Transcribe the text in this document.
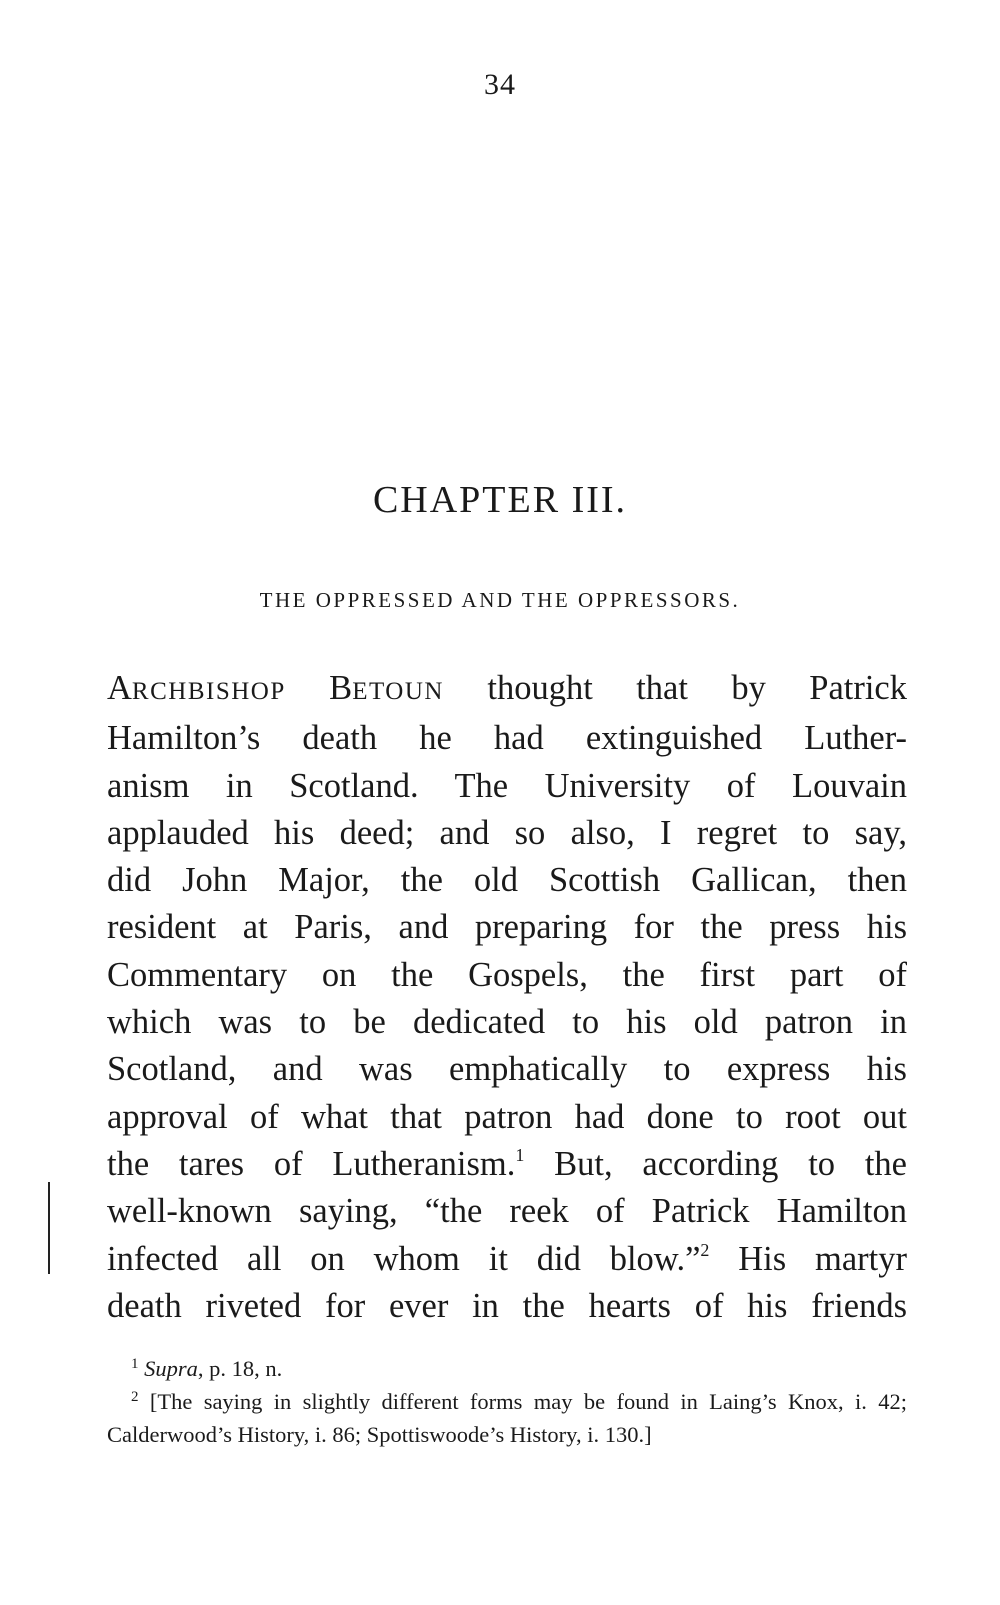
34
CHAPTER III.
THE OPPRESSED AND THE OPPRESSORS.
ARCHBISHOP BETOUN thought that by Patrick
Hamilton’s death he had extinguished Luther-
anism in Scotland. The University of Louvain
applauded his deed; and so also, I regret to say,
did John Major, the old Scottish Gallican, then
resident at Paris, and preparing for the press his
Commentary on the Gospels, the first part of
which was to be dedicated to his old patron in
Scotland, and was emphatically to express his
approval of what that patron had done to root out
the tares of Lutheranism.$^1$ But, according to the
well-known saying, “the reek of Patrick Hamilton
infected all on whom it did blow.”$^2$ His martyr
death riveted for ever in the hearts of his friends
$^1$ Supra, p. 18, n.
$^2$ [The saying in slightly different forms may be found in Laing’s Knox, i. 42; Calderwood’s History, i. 86; Spottiswoode’s History, i. 130.]
